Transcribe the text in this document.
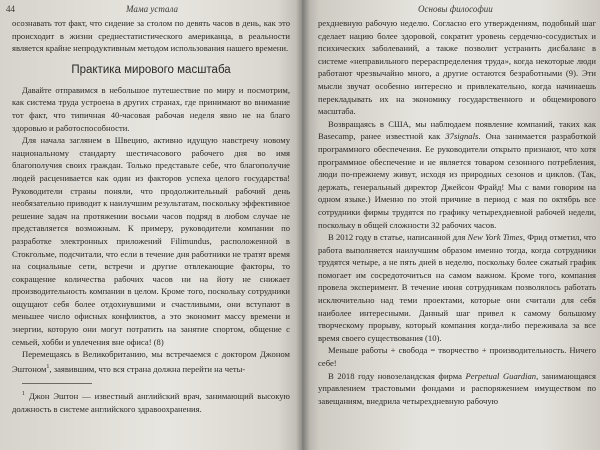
44	Мама устала

осознавать тот факт, что сидение за столом по девять часов в день, как это происходит в жизни среднестатистического американца, в реальности является крайне непродуктивным методом использования нашего времени.

Практика мирового масштаба

Давайте отправимся в небольшое путешествие по миру и посмотрим, как система труда устроена в других странах, где принимают во внимание тот факт, что типичная 40-часовая рабочая неделя явно не на благо здоровью и работоспособности.

Для начала заглянем в Швецию, активно идущую навстречу новому национальному стандарту шестичасового рабочего дня во имя благополучия своих граждан. Только представьте себе, что благополучие людей расценивается как один из факторов успеха целого государства! Руководители страны поняли, что продолжительный рабочий день необязательно приводит к наилучшим результатам, поскольку эффективное решение задач на протяжении восьми часов подряд в любом случае не представляется возможным. К примеру, руководители компании по разработке электронных приложений Filimundus, расположенной в Стокгольме, подсчитали, что если в течение дня работники не тратят время на социальные сети, встречи и другие отвлекающие факторы, то сокращение количества рабочих часов ни на йоту не снижает производительность компании в целом. Кроме того, поскольку сотрудники ощущают себя более отдохнувшими и счастливыми, они вступают в меньшее число офисных конфликтов, а это экономит массу времени и энергии, которую они могут потратить на занятие спортом, общение с семьей, хобби и увлечения вне офиса! (8)

Перемещаясь в Великобританию, мы встречаемся с доктором Джоном Эштоном$^1$, заявившим, что вся страна должна перейти на четы-

$^1$ Джон Эштон — известный английский врач, занимающий высокую должность в системе английского здравоохранения.

Основы философии

рехдневную рабочую неделю. Согласно его утверждениям, подобный шаг сделает нацию более здоровой, сократит уровень сердечно-сосудистых и психических заболеваний, а также позволит устранить дисбаланс в системе «неправильного перераспределения труда», когда некоторые люди работают чрезвычайно много, а другие остаются безработными (9). Эти мысли звучат особенно интересно и привлекательно, когда начинаешь перекладывать их на экономику государственного и общемирового масштаба.

Возвращаясь в США, мы наблюдаем появление компаний, таких как Basecamp, ранее известной как 37signals. Она занимается разработкой программного обеспечения. Ее руководители открыто признают, что хотя программное обеспечение и не является товаром сезонного потребления, люди по-прежнему живут, исходя из природных сезонов и циклов. (Так, держать, генеральный директор Джейсон Фрайд! Мы с вами говорим на одном языке.) Именно по этой причине в период с мая по октябрь все сотрудники фирмы трудятся по графику четырехдневной рабочей недели, поскольку в общей сложности 32 рабочих часов.

В 2012 году в статье, написанной для New York Times, Фрид отметил, что работа выполняется наилучшим образом именно тогда, когда сотрудники трудятся четыре, а не пять дней в неделю, поскольку более сжатый график помогает им сосредоточиться на самом важном. Кроме того, компания провела эксперимент. В течение июня сотрудникам позволялось работать исключительно над теми проектами, которые они считали для себя наиболее интересными. Данный шаг привел к самому большому творческому прорыву, который компания когда-либо переживала за все время своего существования (10).

Меньше работы + свобода = творчество + производительность. Ничего себе!

В 2018 году новозеландская фирма Perpetual Guardian, занимающаяся управлением трастовыми фондами и распоряжением имуществом по завещаниям, внедрила четырехдневную рабочую
